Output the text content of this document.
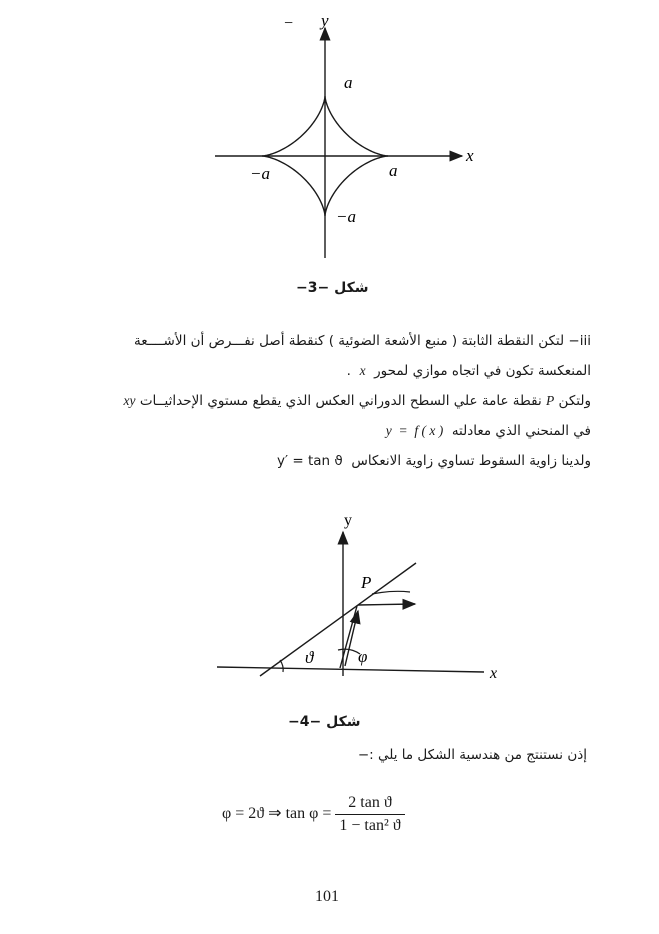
y
x
−
a
a
−a
−a
شكل −3−
iii− لتكن النقطة الثابتة ( منبع الأشعة الضوئية ) كنقطة أصل نفـــرض أن الأشــــعة
المنعكسة تكون في اتجاه موازي لمحور  x  .
ولتكن P نقطة عامة علي السطح الدوراني العكس الذي يقطع مستوي الإحداثيــات xy
في المنحني الذي معادلته  y  =  f ( x )
ولدينا زاوية السقوط تساوي زاوية الانعكاس  y′ = tan ϑ
y
x
P
ϑ	φ
شكل −4−
إذن نستنتج من هندسية الشكل ما يلي :−
φ = 2ϑ ⇒ $\tan \varphi = \frac{\text{2 tan ϑ}}{\text{1 − tan² ϑ}}$
101
